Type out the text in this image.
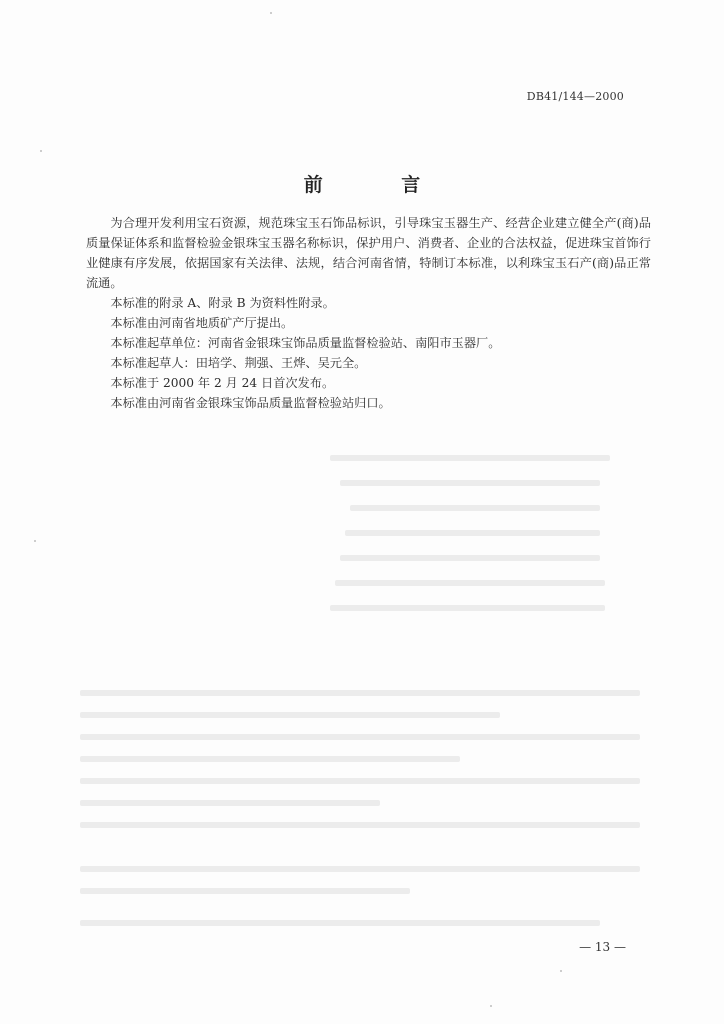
DB41/144—2000
前 言

为合理开发利用宝石资源，规范珠宝玉石饰品标识，引导珠宝玉器生产、经营企业建立健全产(商)品质量保证体系和监督检验金银珠宝玉器名称标识，保护用户、消费者、企业的合法权益，促进珠宝首饰行业健康有序发展，依据国家有关法律、法规，结合河南省情，特制订本标准，以利珠宝玉石产(商)品正常流通。

本标准的附录 A、附录 B 为资料性附录。

本标准由河南省地质矿产厅提出。

本标准起草单位：河南省金银珠宝饰品质量监督检验站、南阳市玉器厂。

本标准起草人：田培学、荆强、王烨、吴元全。

本标准于 2000 年 2 月 24 日首次发布。

本标准由河南省金银珠宝饰品质量监督检验站归口。

— 13 —
